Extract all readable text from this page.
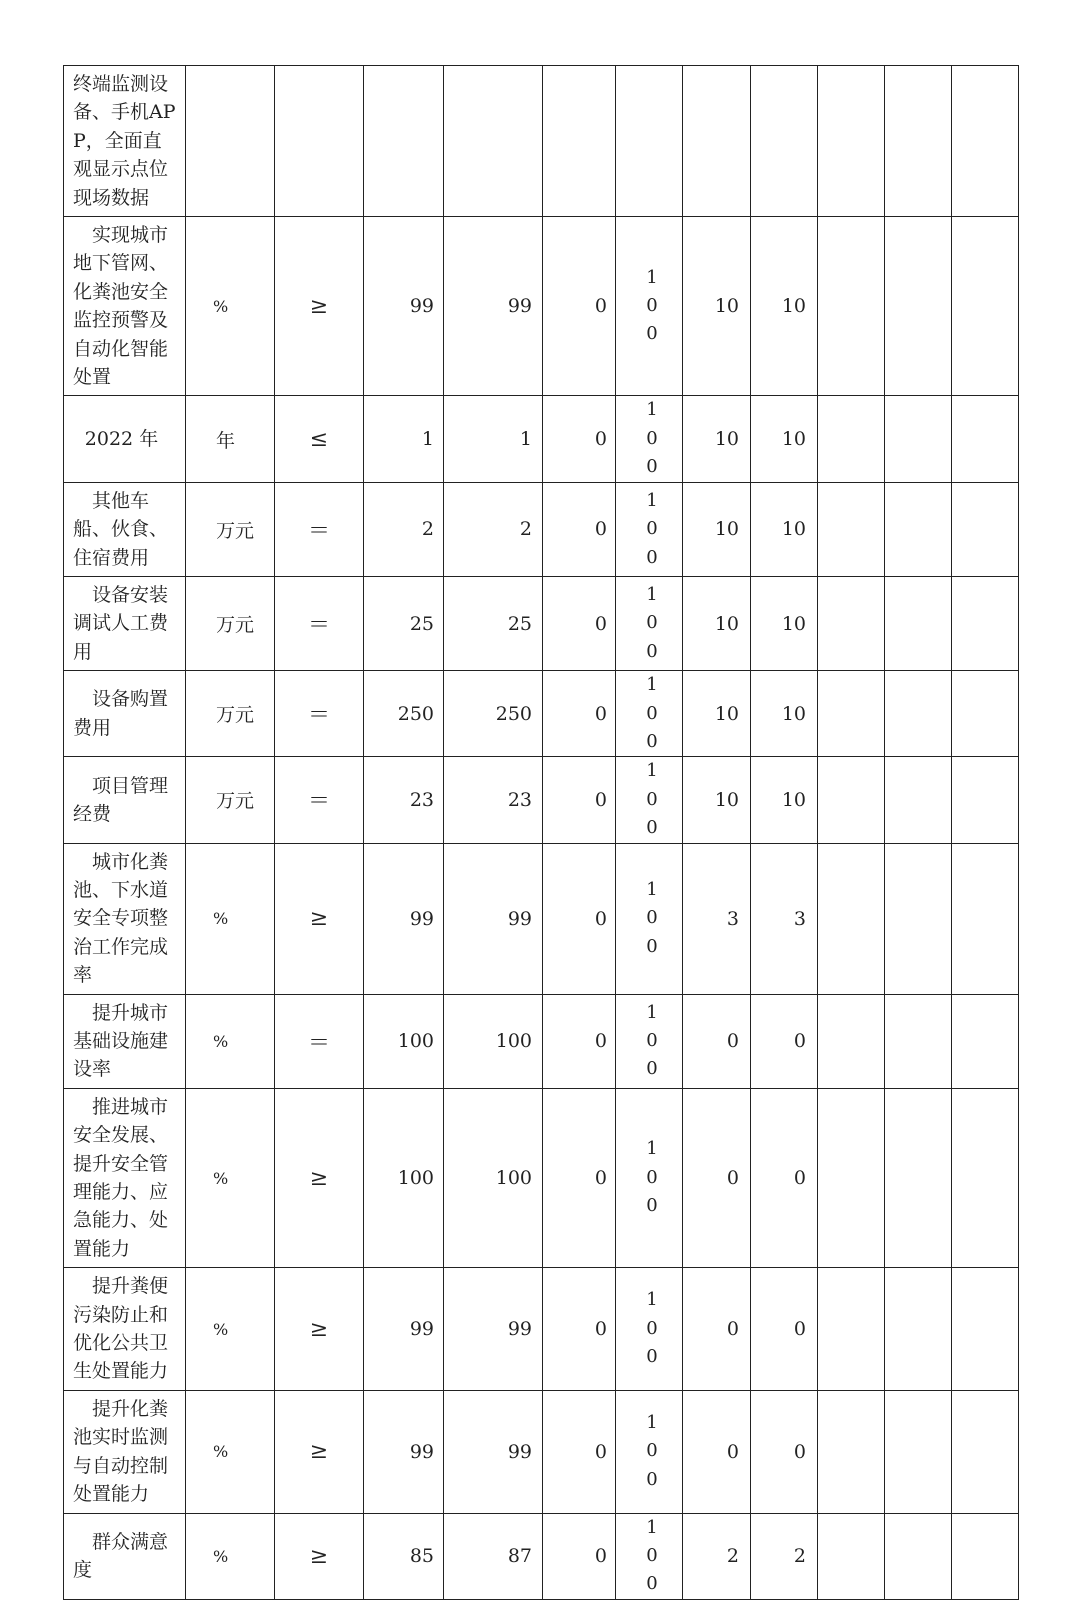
终端监测设备、手机APP，全面直观显示点位现场数据											
实现城市地下管网、化粪池安全监控预警及自动化智能处置	%	≥	99	99	0	100	10	10			
2022 年	年	≤	1	1	0	100	10	10			
其他车船、伙食、住宿费用	万元	＝	2	2	0	100	10	10			
设备安装调试人工费用	万元	＝	25	25	0	100	10	10			
设备购置费用	万元	＝	250	250	0	100	10	10			
项目管理经费	万元	＝	23	23	0	100	10	10			
城市化粪池、下水道安全专项整治工作完成率	%	≥	99	99	0	100	3	3			
提升城市基础设施建设率	%	＝	100	100	0	100	0	0			
推进城市安全发展、提升安全管理能力、应急能力、处置能力	%	≥	100	100	0	100	0	0			
提升粪便污染防止和优化公共卫生处置能力	%	≥	99	99	0	100	0	0			
提升化粪池实时监测与自动控制处置能力	%	≥	99	99	0	100	0	0			
群众满意度	%	≥	85	87	0	100	2	2			
